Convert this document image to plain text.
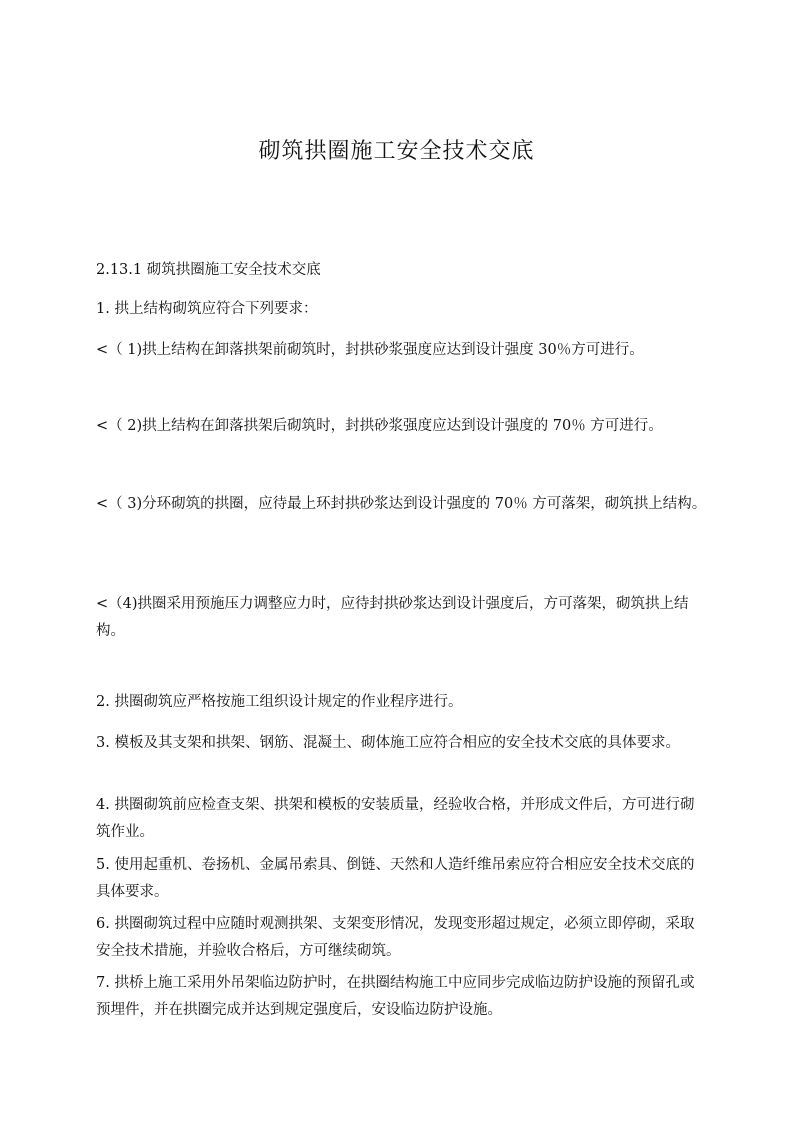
砌筑拱圈施工安全技术交底

2.13.1 砌筑拱圈施工安全技术交底

1. 拱上结构砌筑应符合下列要求：

<（ 1)拱上结构在卸落拱架前砌筑时，封拱砂浆强度应达到设计强度 30％方可进行。

<（ 2)拱上结构在卸落拱架后砌筑时，封拱砂浆强度应达到设计强度的 70％ 方可进行。

<（ 3)分环砌筑的拱圈，应待最上环封拱砂浆达到设计强度的 70％ 方可落架，砌筑拱上结构。

<（4)拱圈采用预施压力调整应力时，应待封拱砂浆达到设计强度后，方可落架，砌筑拱上结构。

2. 拱圈砌筑应严格按施工组织设计规定的作业程序进行。

3. 模板及其支架和拱架、钢筋、混凝土、砌体施工应符合相应的安全技术交底的具体要求。

4. 拱圈砌筑前应检查支架、拱架和模板的安装质量，经验收合格，并形成文件后，方可进行砌筑作业。

5. 使用起重机、卷扬机、金属吊索具、倒链、天然和人造纤维吊索应符合相应安全技术交底的具体要求。

6. 拱圈砌筑过程中应随时观测拱架、支架变形情况，发现变形超过规定，必须立即停砌，采取安全技术措施，并验收合格后，方可继续砌筑。

7. 拱桥上施工采用外吊架临边防护时，在拱圈结构施工中应同步完成临边防护设施的预留孔或预埋件，并在拱圈完成并达到规定强度后，安设临边防护设施。
